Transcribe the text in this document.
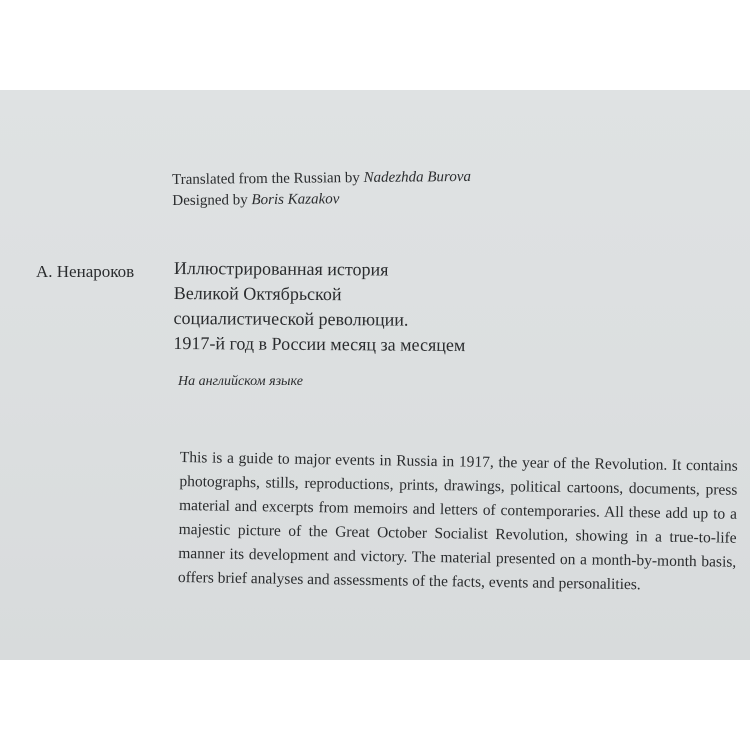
Translated from the Russian by Nadezhda Burova
Designed by Boris Kazakov
А. Ненароков Иллюстрированная история
Великой Октябрьской
социалистической революции.
1917-й год в России месяц за месяцем
На английском языке
This is a guide to major events in Russia in 1917, the year of the Revolution. It contains photographs, stills, reproductions, prints, drawings, political cartoons, documents, press material and excerpts from memoirs and letters of contemporaries. All these add up to a majestic picture of the Great October Socialist Revolution, showing in a true-to-life manner its development and victory. The material presented on a month-by-month basis, offers brief analyses and assessments of the facts, events and personalities.
